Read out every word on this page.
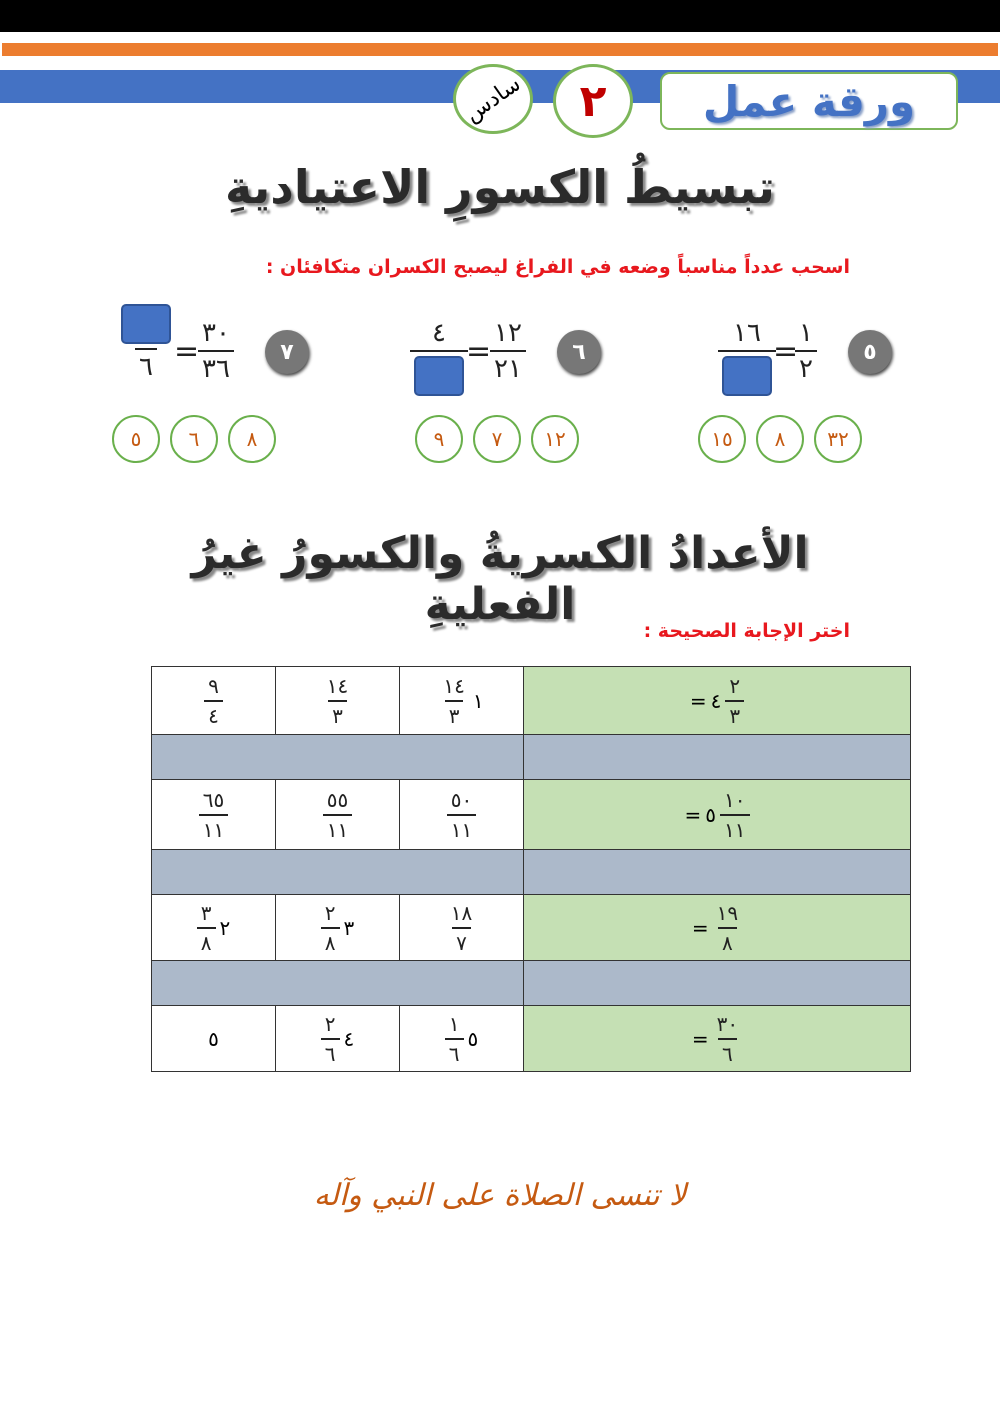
ورقة عمل
٢
سادس
تبسيطُ الكسورِ الاعتياديةِ
اسحب عدداً مناسباً وضعه في الفراغ ليصبح الكسران متكافئان :
٥
١
٢
=
١٦
٣٢
٨
١٥
٦
١٢
٢١
=
٤
١٢
٧
٩
٧
٣٠
٣٦
=
٦
٨
٦
٥
الأعدادُ الكسريةُ والكسورُ غيرُ الفعليةِ
اختر الإجابة الصحيحة :
$\frac{٩}{٤}$	$\frac{١٤}{٣}$	$\frac{١٤}{٣}$ ١	= ٤ $\frac{٢}{٣}$

$\frac{٦٥}{١١}$	$\frac{٥٥}{١١}$	$\frac{٥٠}{١١}$	= ٥ $\frac{١٠}{١١}$

$\frac{٣}{٨}$ ٢	$\frac{٢}{٨}$ ٣	$\frac{١٨}{٧}$	= $\frac{١٩}{٨}$

٥	$\frac{٢}{٦}$ ٤	$\frac{١}{٦}$ ٥	= $\frac{٣٠}{٦}$
لا تنسى الصلاة على النبي وآله
